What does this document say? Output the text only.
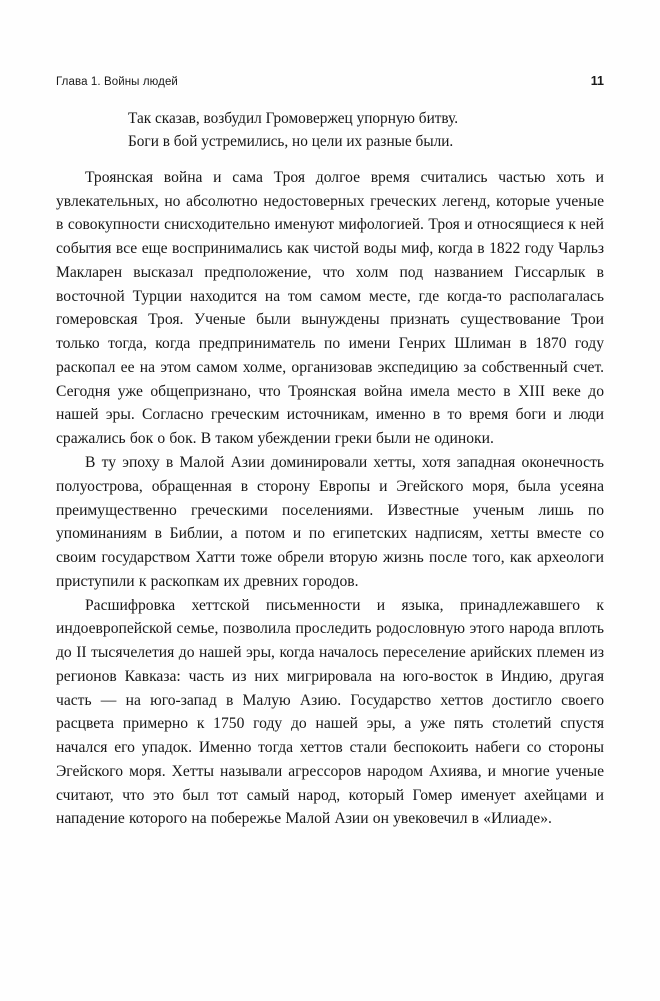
Глава 1. Войны людей	11
Так сказав, возбудил Громовержец упорную битву.
Боги в бой устремились, но цели их разные были.

Троянская война и сама Троя долгое время считались частью хоть и увлекательных, но абсолютно недостоверных греческих легенд, которые ученые в совокупности снисходительно именуют мифологией. Троя и относящиеся к ней события все еще воспринимались как чистой воды миф, когда в 1822 году Чарльз Макларен высказал предположение, что холм под названием Гиссарлык в восточной Турции находится на том самом месте, где когда-то располагалась гомеровская Троя. Ученые были вынуждены признать существование Трои только тогда, когда предприниматель по имени Генрих Шлиман в 1870 году раскопал ее на этом самом холме, организовав экспедицию за собственный счет. Сегодня уже общепризнано, что Троянская война имела место в XIII веке до нашей эры. Согласно греческим источникам, именно в то время боги и люди сражались бок о бок. В таком убеждении греки были не одиноки.

В ту эпоху в Малой Азии доминировали хетты, хотя западная оконечность полуострова, обращенная в сторону Европы и Эгейского моря, была усеяна преимущественно греческими поселениями. Известные ученым лишь по упоминаниям в Библии, а потом и по египетских надписям, хетты вместе со своим государством Хатти тоже обрели вторую жизнь после того, как археологи приступили к раскопкам их древних городов.

Расшифровка хеттской письменности и языка, принадлежавшего к индоевропейской семье, позволила проследить родословную этого народа вплоть до II тысячелетия до нашей эры, когда началось переселение арийских племен из регионов Кавказа: часть из них мигрировала на юго-восток в Индию, другая часть — на юго-запад в Малую Азию. Государство хеттов достигло своего расцвета примерно к 1750 году до нашей эры, а уже пять столетий спустя начался его упадок. Именно тогда хеттов стали беспокоить набеги со стороны Эгейского моря. Хетты называли агрессоров народом Ахиява, и многие ученые считают, что это был тот самый народ, который Гомер именует ахейцами и нападение которого на побережье Малой Азии он увековечил в «Илиаде».
